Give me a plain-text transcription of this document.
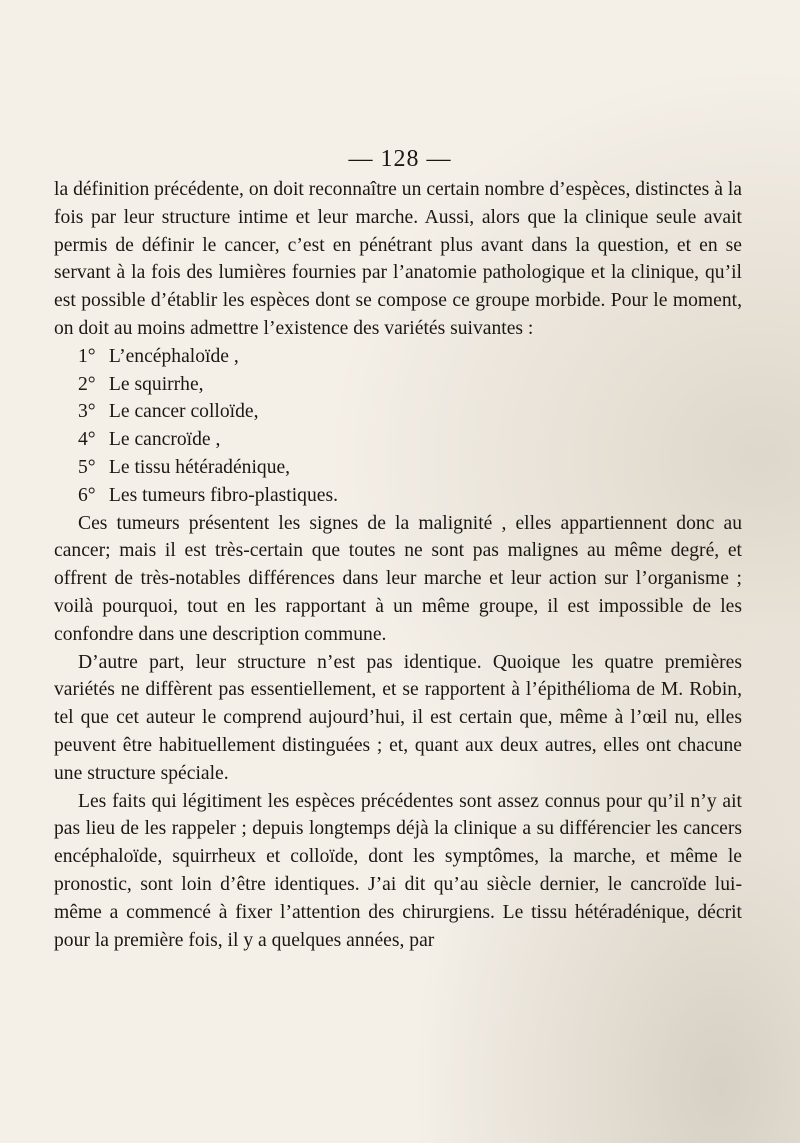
— 128 —

la définition précédente, on doit reconnaître un certain nombre d’espèces, distinctes à la fois par leur structure intime et leur marche. Aussi, alors que la clinique seule avait permis de définir le cancer, c’est en pénétrant plus avant dans la question, et en se servant à la fois des lumières fournies par l’anatomie pathologique et la clinique, qu’il est possible d’établir les espèces dont se compose ce groupe morbide. Pour le moment, on doit au moins admettre l’existence des variétés suivantes :

1° L’encéphaloïde ,
2° Le squirrhe,
3° Le cancer colloïde,
4° Le cancroïde ,
5° Le tissu hétéradénique,
6° Les tumeurs fibro-plastiques.

Ces tumeurs présentent les signes de la malignité , elles appartiennent donc au cancer; mais il est très-certain que toutes ne sont pas malignes au même degré, et offrent de très-notables différences dans leur marche et leur action sur l’organisme ; voilà pourquoi, tout en les rapportant à un même groupe, il est impossible de les confondre dans une description commune.

D’autre part, leur structure n’est pas identique. Quoique les quatre premières variétés ne diffèrent pas essentiellement, et se rapportent à l’épithélioma de M. Robin, tel que cet auteur le comprend aujourd’hui, il est certain que, même à l’œil nu, elles peuvent être habituellement distinguées ; et, quant aux deux autres, elles ont chacune une structure spéciale.

Les faits qui légitiment les espèces précédentes sont assez connus pour qu’il n’y ait pas lieu de les rappeler ; depuis longtemps déjà la clinique a su différencier les cancers encéphaloïde, squirrheux et colloïde, dont les symptômes, la marche, et même le pronostic, sont loin d’être identiques. J’ai dit qu’au siècle dernier, le cancroïde lui-même a commencé à fixer l’attention des chirurgiens. Le tissu hétéradénique, décrit pour la première fois, il y a quelques années, par
